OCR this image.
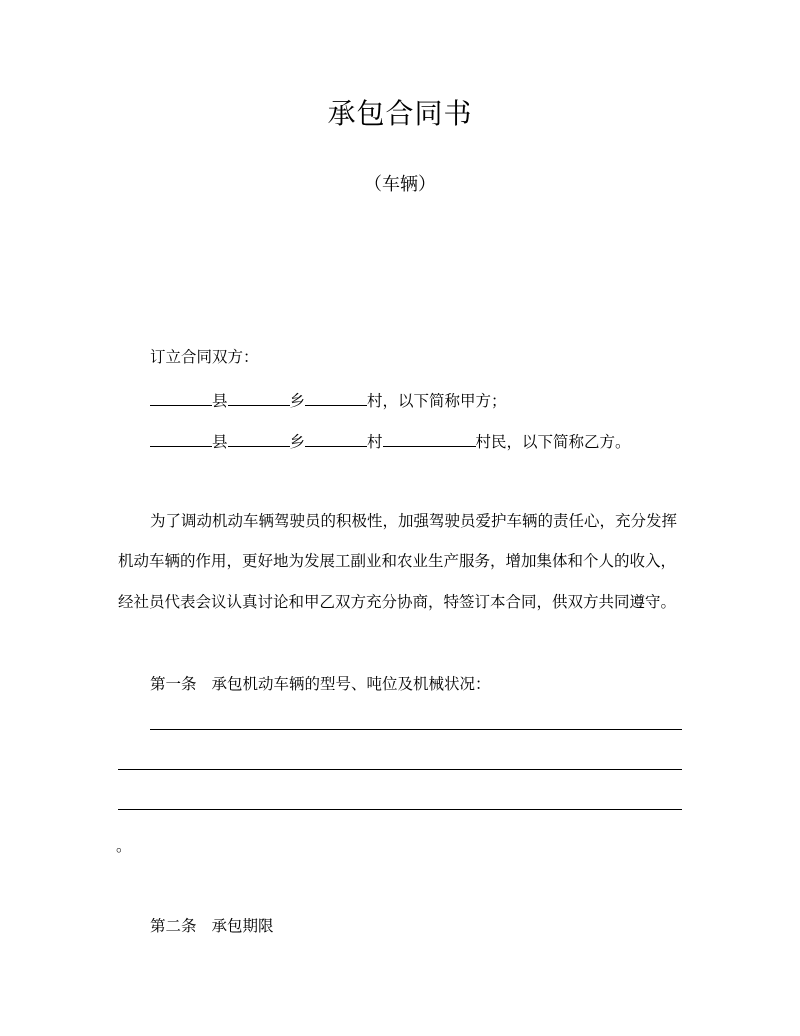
承包合同书
（车辆）
订立合同双方：
县	乡	村，以下简称甲方；
县	乡	村	村民，以下简称乙方。
为了调动机动车辆驾驶员的积极性，加强驾驶员爱护车辆的责任心，充分发挥
机动车辆的作用，更好地为发展工副业和农业生产服务，增加集体和个人的收入，
经社员代表会议认真讨论和甲乙双方充分协商，特签订本合同，供双方共同遵守。
第一条 承包机动车辆的型号、吨位及机械状况：
。
第二条 承包期限
